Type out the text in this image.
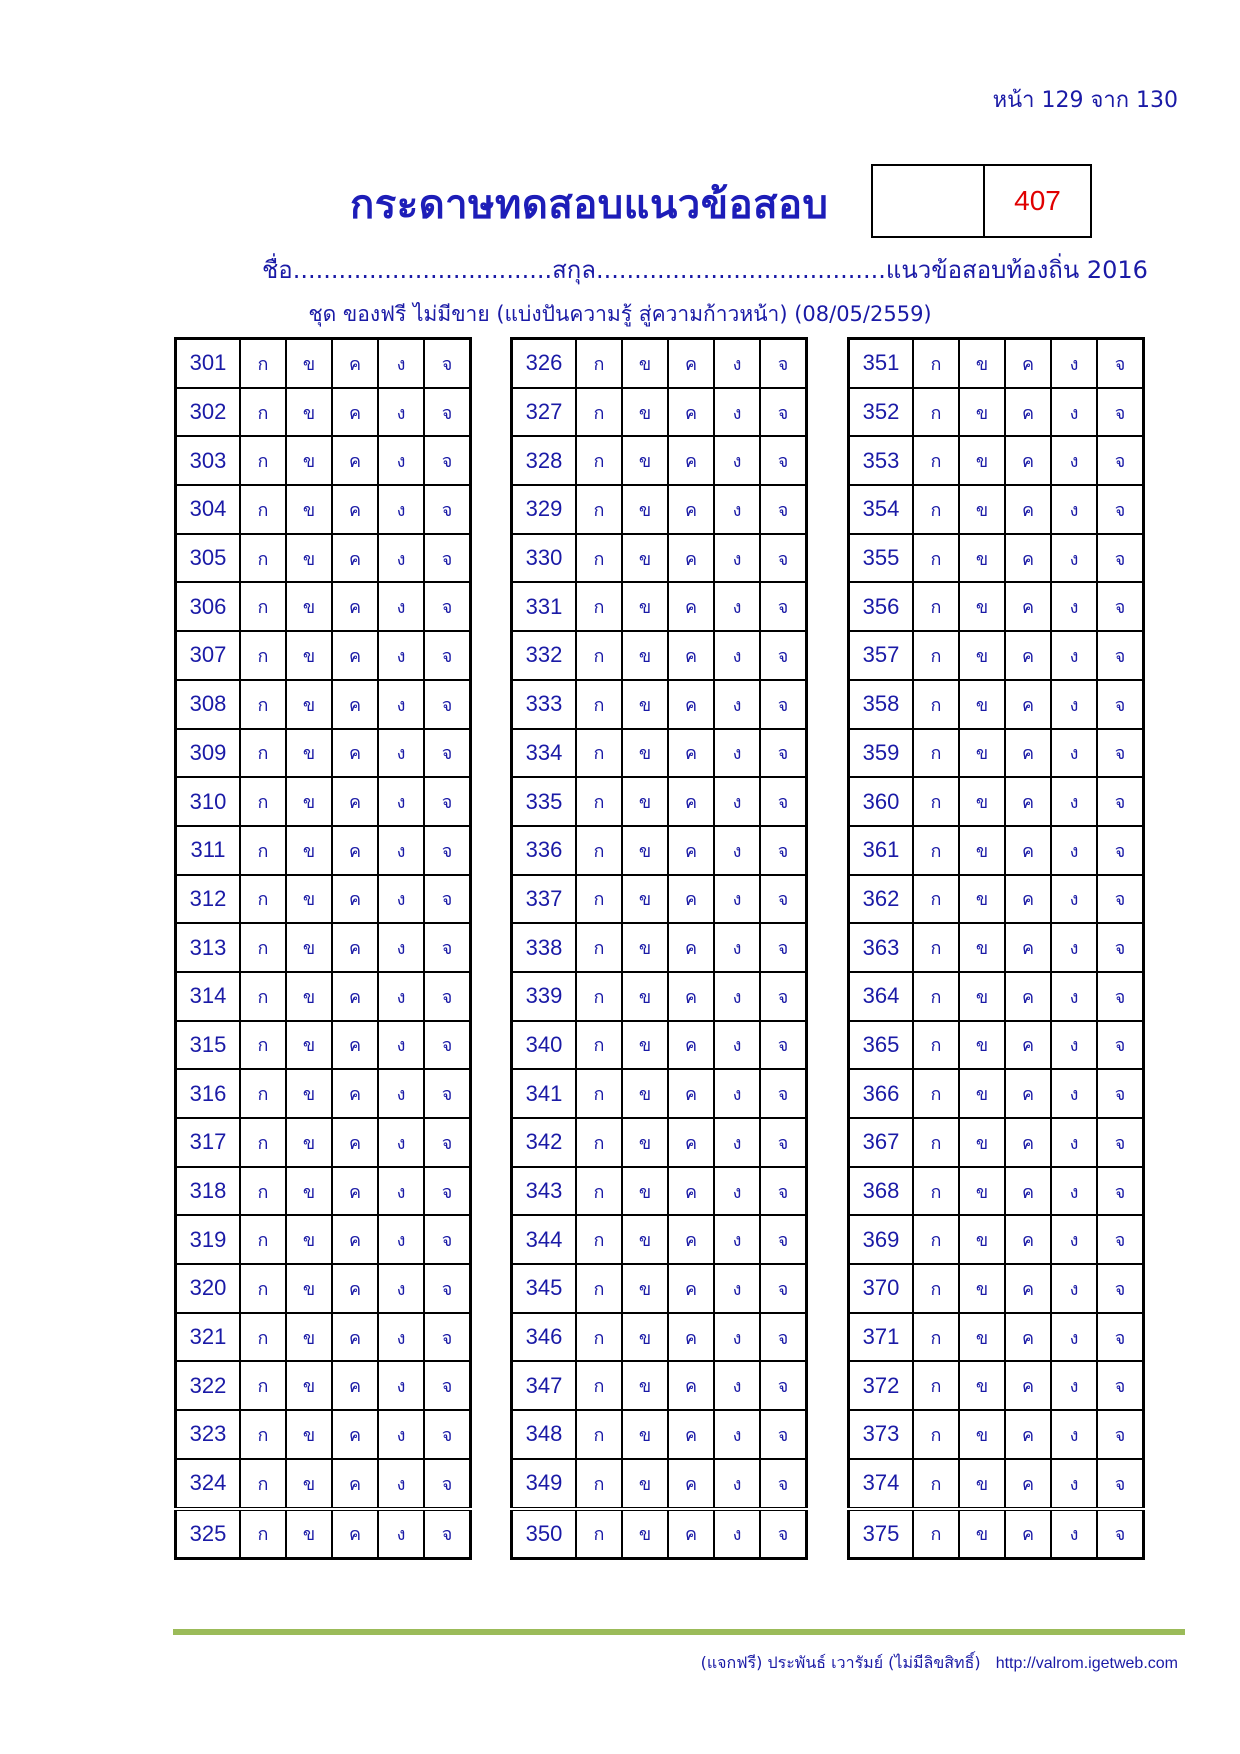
หน้า 129 จาก 130
กระดาษทดสอบแนวข้อสอบ	407
ชื่อ..................................สกุล......................................แนวข้อสอบท้องถิ่น 2016
ชุด ของฟรี ไม่มีขาย (แบ่งปันความรู้ สู่ความก้าวหน้า) (08/05/2559)
301	ก	ข	ค	ง	จ
302	ก	ข	ค	ง	จ
303	ก	ข	ค	ง	จ
304	ก	ข	ค	ง	จ
305	ก	ข	ค	ง	จ
306	ก	ข	ค	ง	จ
307	ก	ข	ค	ง	จ
308	ก	ข	ค	ง	จ
309	ก	ข	ค	ง	จ
310	ก	ข	ค	ง	จ
311	ก	ข	ค	ง	จ
312	ก	ข	ค	ง	จ
313	ก	ข	ค	ง	จ
314	ก	ข	ค	ง	จ
315	ก	ข	ค	ง	จ
316	ก	ข	ค	ง	จ
317	ก	ข	ค	ง	จ
318	ก	ข	ค	ง	จ
319	ก	ข	ค	ง	จ
320	ก	ข	ค	ง	จ
321	ก	ข	ค	ง	จ
322	ก	ข	ค	ง	จ
323	ก	ข	ค	ง	จ
324	ก	ข	ค	ง	จ
325	ก	ข	ค	ง	จ
326	ก	ข	ค	ง	จ
327	ก	ข	ค	ง	จ
328	ก	ข	ค	ง	จ
329	ก	ข	ค	ง	จ
330	ก	ข	ค	ง	จ
331	ก	ข	ค	ง	จ
332	ก	ข	ค	ง	จ
333	ก	ข	ค	ง	จ
334	ก	ข	ค	ง	จ
335	ก	ข	ค	ง	จ
336	ก	ข	ค	ง	จ
337	ก	ข	ค	ง	จ
338	ก	ข	ค	ง	จ
339	ก	ข	ค	ง	จ
340	ก	ข	ค	ง	จ
341	ก	ข	ค	ง	จ
342	ก	ข	ค	ง	จ
343	ก	ข	ค	ง	จ
344	ก	ข	ค	ง	จ
345	ก	ข	ค	ง	จ
346	ก	ข	ค	ง	จ
347	ก	ข	ค	ง	จ
348	ก	ข	ค	ง	จ
349	ก	ข	ค	ง	จ
350	ก	ข	ค	ง	จ
351	ก	ข	ค	ง	จ
352	ก	ข	ค	ง	จ
353	ก	ข	ค	ง	จ
354	ก	ข	ค	ง	จ
355	ก	ข	ค	ง	จ
356	ก	ข	ค	ง	จ
357	ก	ข	ค	ง	จ
358	ก	ข	ค	ง	จ
359	ก	ข	ค	ง	จ
360	ก	ข	ค	ง	จ
361	ก	ข	ค	ง	จ
362	ก	ข	ค	ง	จ
363	ก	ข	ค	ง	จ
364	ก	ข	ค	ง	จ
365	ก	ข	ค	ง	จ
366	ก	ข	ค	ง	จ
367	ก	ข	ค	ง	จ
368	ก	ข	ค	ง	จ
369	ก	ข	ค	ง	จ
370	ก	ข	ค	ง	จ
371	ก	ข	ค	ง	จ
372	ก	ข	ค	ง	จ
373	ก	ข	ค	ง	จ
374	ก	ข	ค	ง	จ
375	ก	ข	ค	ง	จ
(แจกฟรี) ประพันธ์ เวารัมย์ (ไม่มีลิขสิทธิ์) http://valrom.igetweb.com
